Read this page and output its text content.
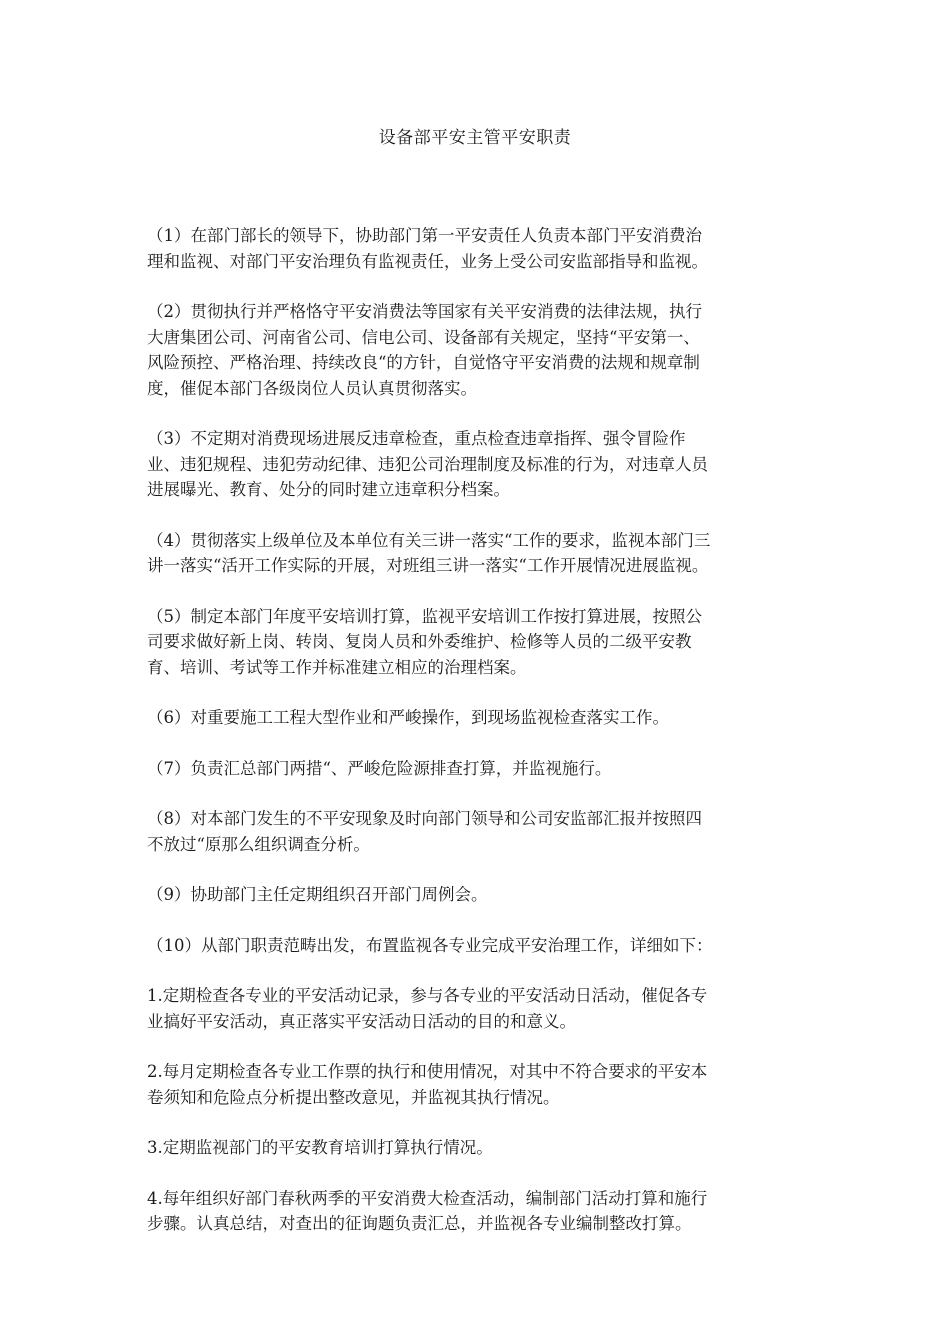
设备部平安主管平安职责

（1）在部门部长的领导下，协助部门第一平安责任人负责本部门平安消费治
理和监视、对部门平安治理负有监视责任，业务上受公司安监部指导和监视。

（2）贯彻执行并严格恪守平安消费法等国家有关平安消费的法律法规，执行
大唐集团公司、河南省公司、信电公司、设备部有关规定，坚持“平安第一、
风险预控、严格治理、持续改良“的方针，自觉恪守平安消费的法规和规章制
度，催促本部门各级岗位人员认真贯彻落实。

（3）不定期对消费现场进展反违章检查，重点检查违章指挥、强令冒险作
业、违犯规程、违犯劳动纪律、违犯公司治理制度及标准的行为，对违章人员
进展曝光、教育、处分的同时建立违章积分档案。

（4）贯彻落实上级单位及本单位有关三讲一落实“工作的要求，监视本部门三
讲一落实“活开工作实际的开展，对班组三讲一落实“工作开展情况进展监视。

（5）制定本部门年度平安培训打算，监视平安培训工作按打算进展，按照公
司要求做好新上岗、转岗、复岗人员和外委维护、检修等人员的二级平安教
育、培训、考试等工作并标准建立相应的治理档案。

（6）对重要施工工程大型作业和严峻操作，到现场监视检查落实工作。

（7）负责汇总部门两措“、严峻危险源排查打算，并监视施行。

（8）对本部门发生的不平安现象及时向部门领导和公司安监部汇报并按照四
不放过“原那么组织调查分析。

（9）协助部门主任定期组织召开部门周例会。

（10）从部门职责范畴出发，布置监视各专业完成平安治理工作，详细如下：

1.定期检查各专业的平安活动记录，参与各专业的平安活动日活动，催促各专
业搞好平安活动，真正落实平安活动日活动的目的和意义。

2.每月定期检查各专业工作票的执行和使用情况，对其中不符合要求的平安本
卷须知和危险点分析提出整改意见，并监视其执行情况。

3.定期监视部门的平安教育培训打算执行情况。

4.每年组织好部门春秋两季的平安消费大检查活动，编制部门活动打算和施行
步骤。认真总结，对查出的征询题负责汇总，并监视各专业编制整改打算。
